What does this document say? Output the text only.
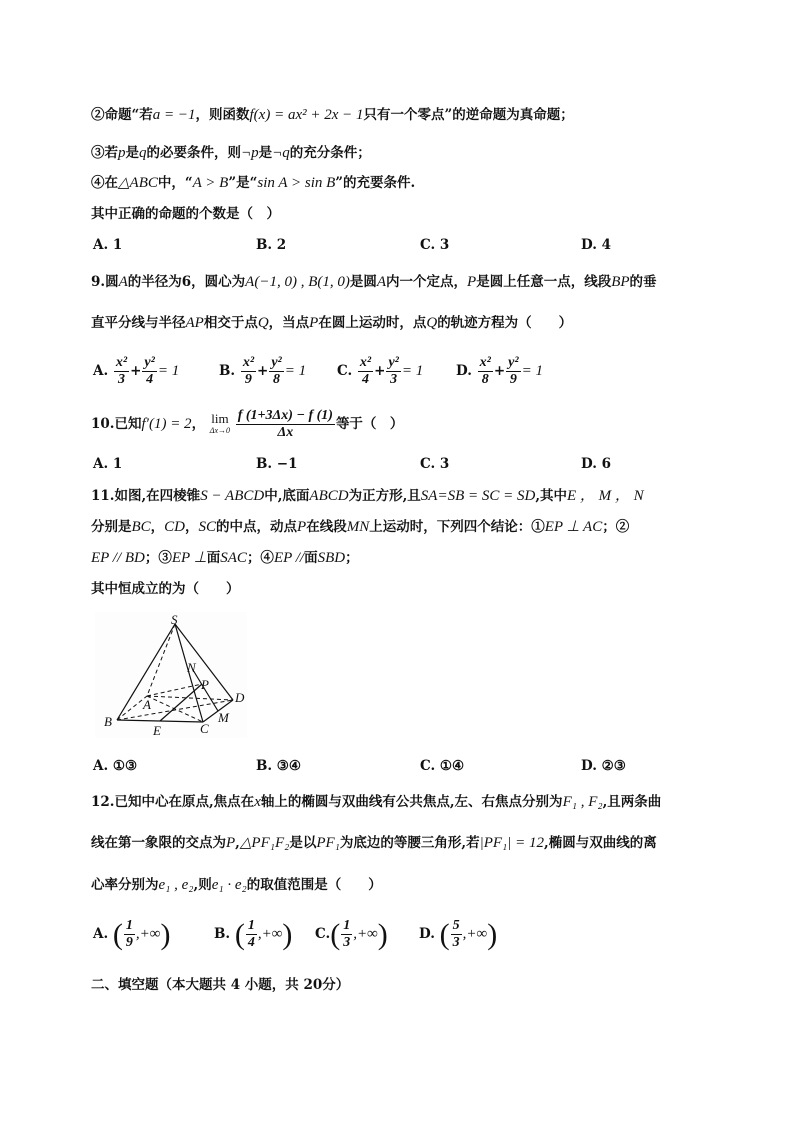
②命题“若a = −1，则函数f(x) = ax² + 2x − 1只有一个零点”的逆命题为真命题；
③若p是q的必要条件，则¬p是¬q的充分条件；
④在△ABC中，“A > B”是“sin A > sin B”的充要条件.
其中正确的命题的个数是（　）
A. 1	B. 2	C. 3	D. 4
9.圆A的半径为6，圆心为A(−1, 0) , B(1, 0)是圆A内一个定点，P是圆上任意一点，线段BP的垂
直平分线与半径AP相交于点Q，当点P在圆上运动时，点Q的轨迹方程为（　　）
A. $\frac{\text{x²}}{3} + \frac{\text{y²}}{4} = 1$	B. $\frac{\text{x²}}{9} + \frac{\text{y²}}{8} = 1$ C. $\frac{\text{x²}}{4} + \frac{\text{y²}}{3} = 1$ D. $\frac{\text{x²}}{8} + \frac{\text{y²}}{9} = 1$
10.已知f′(1) = 2， lim
Δx→0
$\frac{f (1+3\Delta x) - f (1)}{\Delta x}$ 等于（　）
A. 1	B. −1	C. 3	D. 6
11.如图,在四棱锥S − ABCD中,底面ABCD为正方形,且SA=SB = SC = SD,其中E ， M ， N
分别是BC，CD，SC的中点，动点P在线段MN上运动时，下列四个结论：①EP ⊥ AC；②
EP // BD；③EP ⊥面SAC；④EP //面SBD；
其中恒成立的为（　　）
S
N
P
D
A
M
B
E	C
A. ①③	B. ③④	C. ①④	D. ②③
12.已知中心在原点,焦点在x轴上的椭圆与双曲线有公共焦点,左、右焦点分别为F₁ , F₂,且两条曲
线在第一象限的交点为P,△PF₁F₂是以PF₁为底边的等腰三角形,若|PF₁| = 12,椭圆与双曲线的离
心率分别为e₁ , e₂,则e₁ · e₂的取值范围是（　　）
A. ( $\frac{1}{9}$ ,+∞)	B. ( $\frac{1}{4}$ ,+∞) $C.( \frac{1}{3}$ ,+∞) D. ( $\frac{5}{3}$ ,+∞)
二、填空题（本大题共 4 小题，共 20分）
